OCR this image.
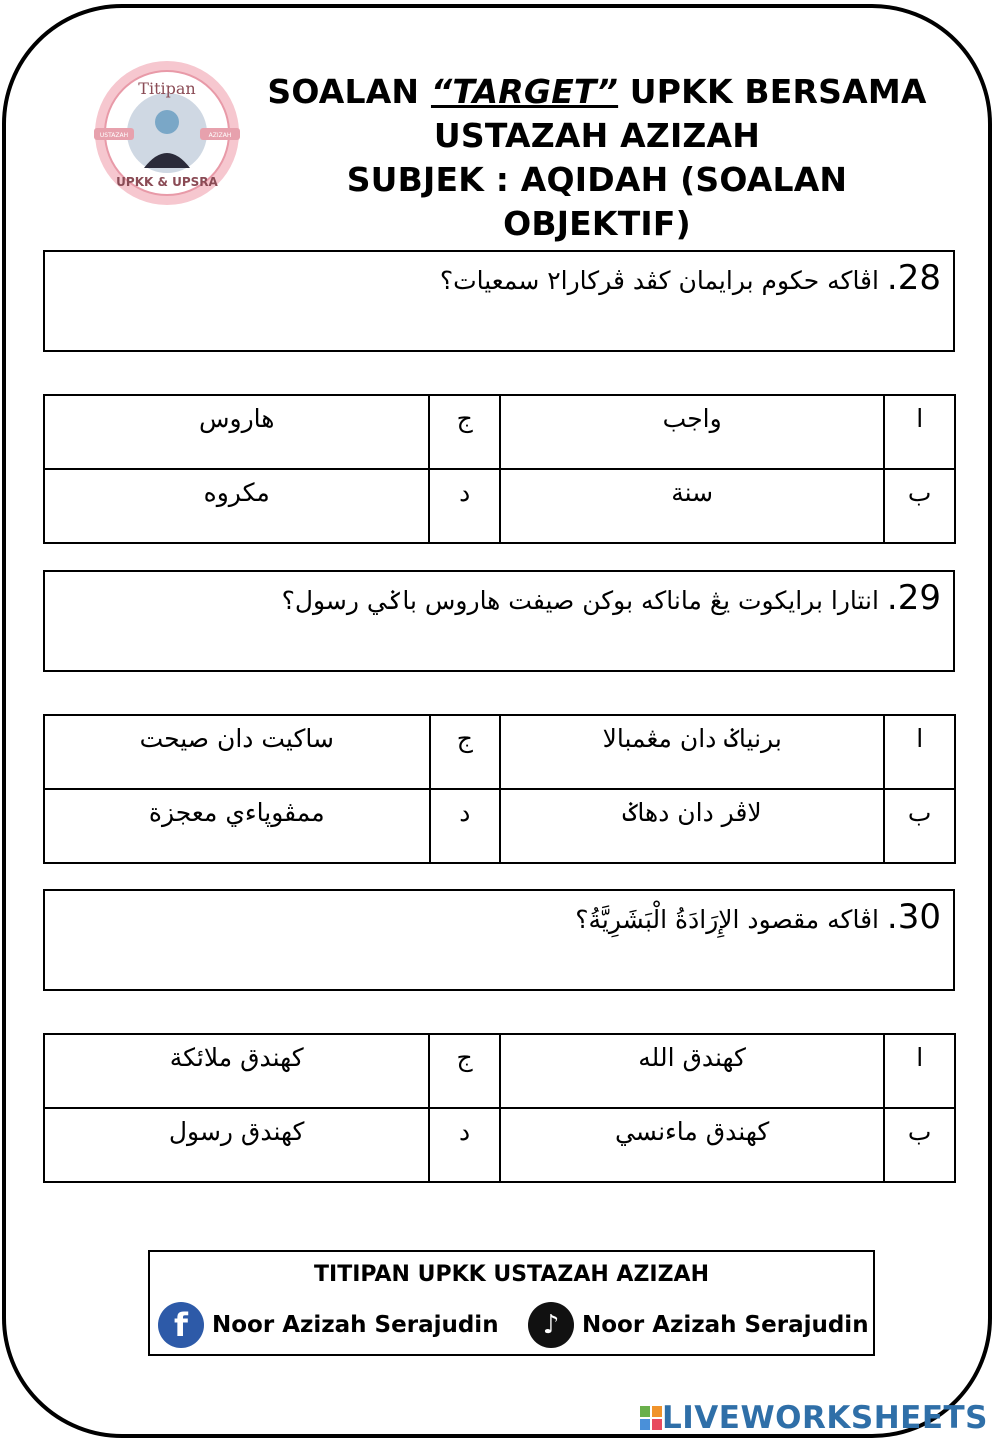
Titipan
USTAZAH	AZIZAH
UPKK & UPSRA
SOALAN “TARGET” UPKK BERSAMA
USTAZAH AZIZAH
SUBJEK : AQIDAH (SOALAN OBJEKTIF)
28. اڤاکه حکوم برايمان کڤد ڤرکارا٢ سمعيات؟
هاروس	ج	واجب	ا
مکروه	د	سنة	ب
29. انتارا برايکوت يڠ ماناکه بوکن صيفت هاروس باݢي رسول؟
ساکيت دان صيحت	ج	برنياݢ دان مڠمبالا	ا
ممڤوڽاءي معجزة	د	لاڤر دان دهاݢ	ب
30. اڤاکه مقصود الإِرَادَةُ الْبَشَرِيَّةُ؟
کهندق ملائکة	ج	کهندق الله	ا
کهندق رسول	د	کهندق ماءنسي	ب
TITIPAN UPKK USTAZAH AZIZAH
f	Noor Azizah Serajudin	♪ Noor Azizah Serajudin
LIVEWORKSHEETS
